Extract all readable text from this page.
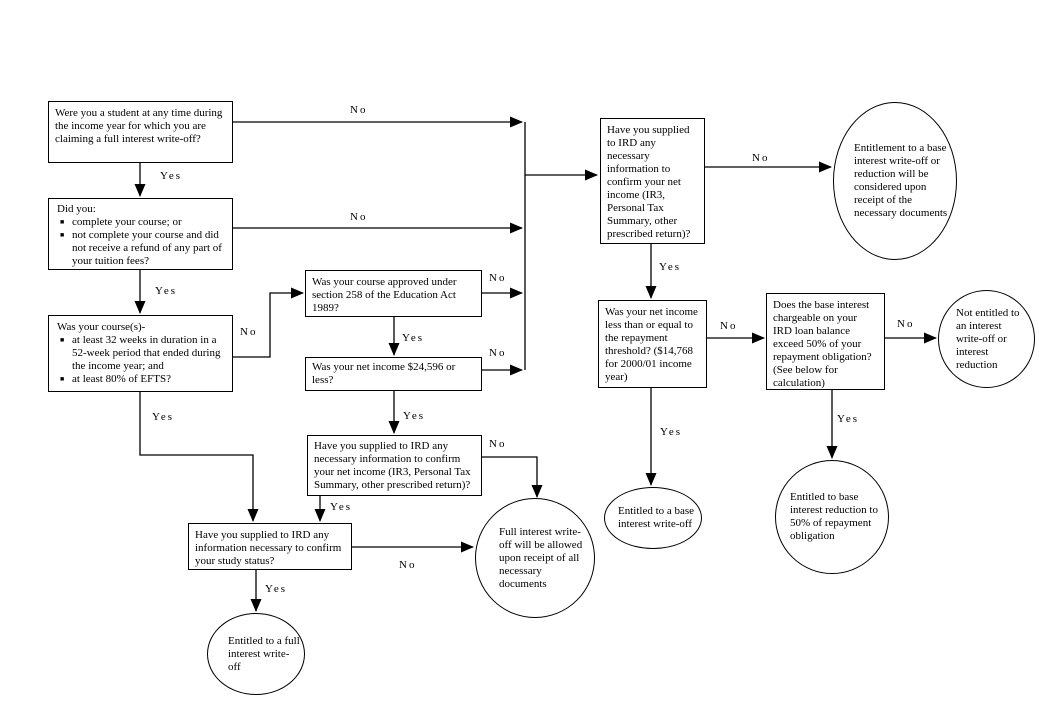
Were you a student at any time during the income year for which you are claiming a full interest write-off?
Did you:
■ complete your course; or
■ not complete your course and did not receive a refund of any part of your tuition fees?
Was your course(s)-
■ at least 32 weeks in duration in a 52-week period that ended during the income year; and
■ at least 80% of EFTS?
Was your course approved under section 258 of the Education Act 1989?
Was your net income $24,596 or less?
Have you supplied to IRD any necessary information to confirm your net income (IR3, Personal Tax Summary, other prescribed return)?
Have you supplied to IRD any information necessary to confirm your study status?
Have you supplied to IRD any necessary information to confirm your net income (IR3, Personal Tax Summary, other prescribed return)?
Was your net income less than or equal to the repayment threshold? ($14,768 for 2000/01 income year)
Does the base interest chargeable on your IRD loan balance exceed 50% of your repayment obligation? (See below for calculation)
Entitlement to a base interest write-off or reduction will be considered upon receipt of the necessary documents
Not entitled to an interest write-off or interest reduction
Entitled to a base interest write-off
Entitled to base interest reduction to 50% of repayment obligation
Full interest write-off will be allowed upon receipt of all necessary documents
Entitled to a full interest write-off
Yes
No
No
Yes
No
No
Yes
No
Yes
No
Yes
Yes
No
Yes
No
Yes
No
Yes
No
Yes
